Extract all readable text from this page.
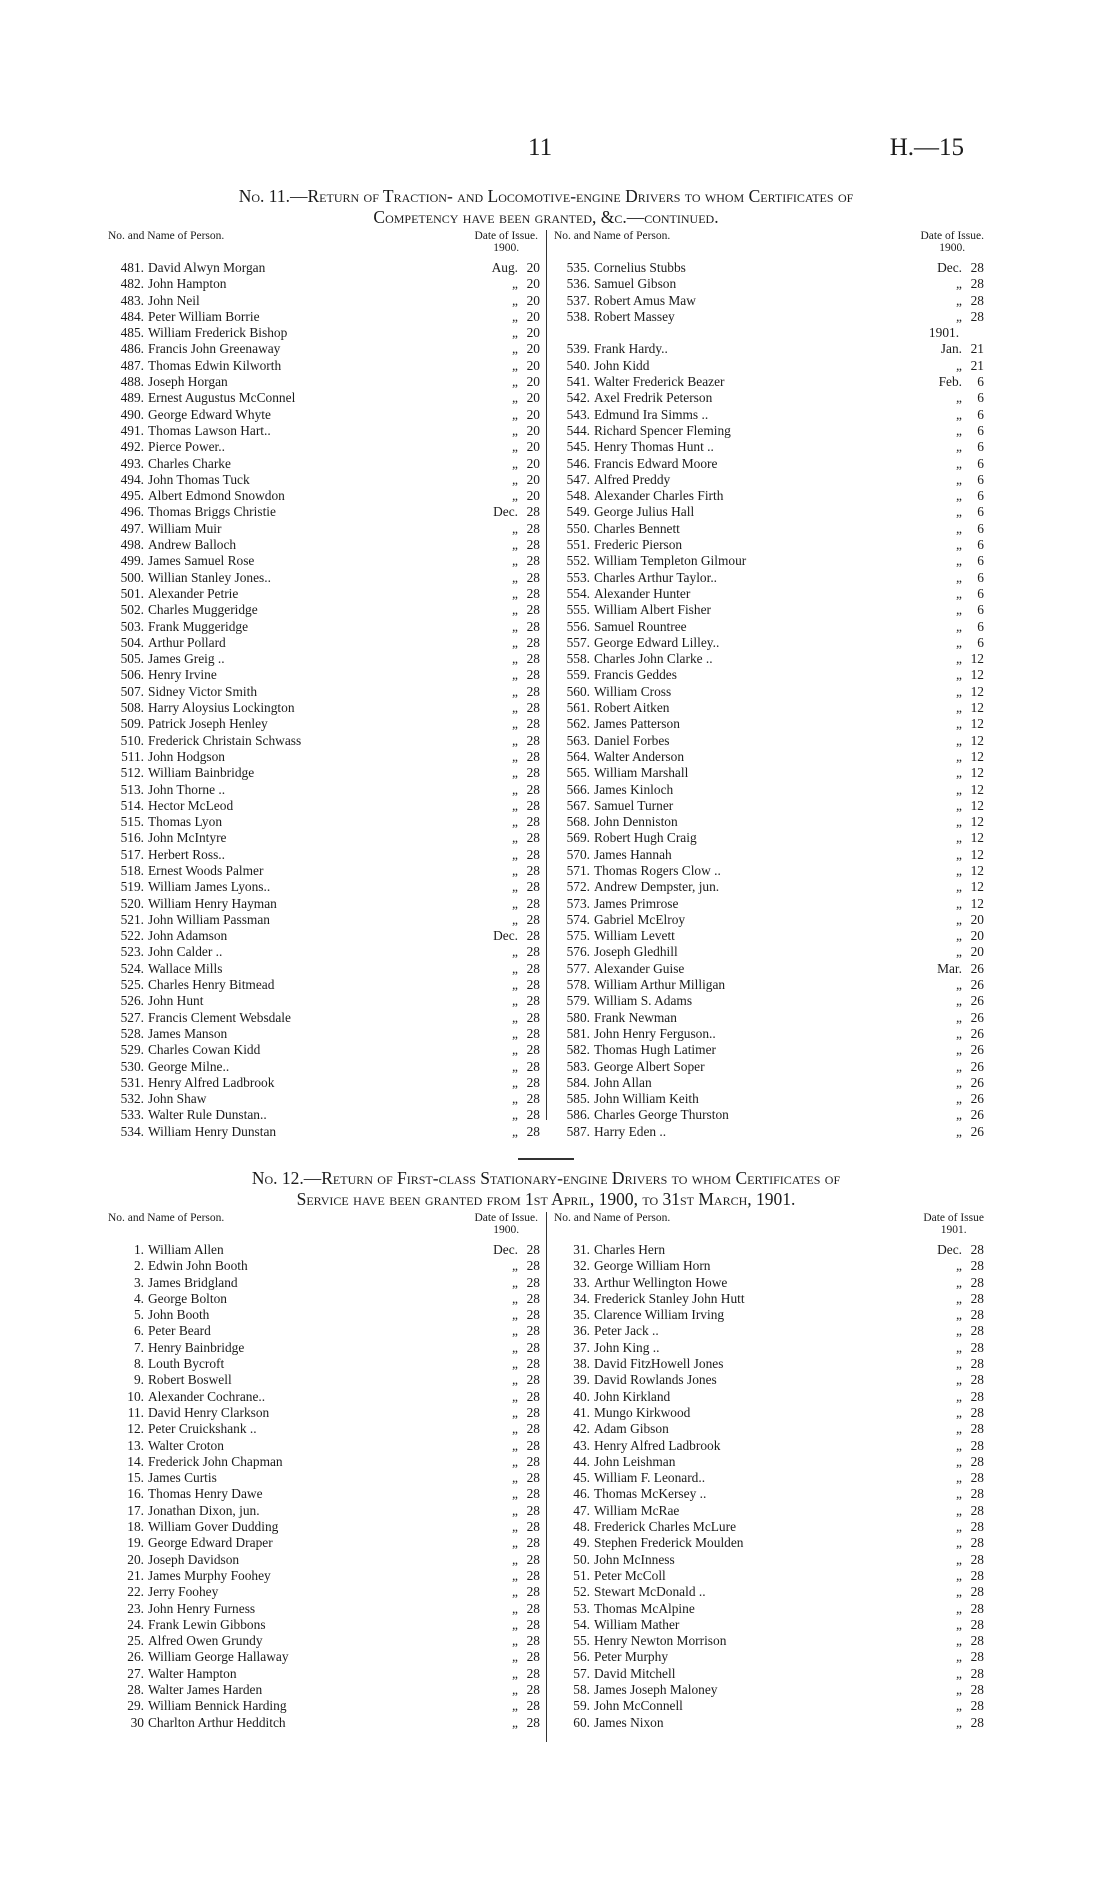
11	H.—15
No. 11.—Return of Traction- and Locomotive-engine Drivers to whom Certificates of
Competency have been granted, &c.—continued.
No. and Name of Person.	Date of Issue.
1900.
481. David Alwyn Morgan	Aug. 20
482. John Hampton	„ 20
483. John Neil	„ 20
484. Peter William Borrie	„ 20
485. William Frederick Bishop	„ 20
486. Francis John Greenaway	„ 20
487. Thomas Edwin Kilworth	„ 20
488. Joseph Horgan	„ 20
489. Ernest Augustus McConnel	„ 20
490. George Edward Whyte	„ 20
491. Thomas Lawson Hart..	„ 20
492. Pierce Power..	„ 20
493. Charles Charke	„ 20
494. John Thomas Tuck	„ 20
495. Albert Edmond Snowdon	„ 20
496. Thomas Briggs Christie	Dec. 28
497. William Muir	„ 28
498. Andrew Balloch	„ 28
499. James Samuel Rose	„ 28
500. Willian Stanley Jones..	„ 28
501. Alexander Petrie	„ 28
502. Charles Muggeridge	„ 28
503. Frank Muggeridge	„ 28
504. Arthur Pollard	„ 28
505. James Greig ..	„ 28
506. Henry Irvine	„ 28
507. Sidney Victor Smith	„ 28
508. Harry Aloysius Lockington	„ 28
509. Patrick Joseph Henley	„ 28
510. Frederick Christain Schwass	„ 28
511. John Hodgson	„ 28
512. William Bainbridge	„ 28
513. John Thorne ..	„ 28
514. Hector McLeod	„ 28
515. Thomas Lyon	„ 28
516. John McIntyre	„ 28
517. Herbert Ross..	„ 28
518. Ernest Woods Palmer	„ 28
519. William James Lyons..	„ 28
520. William Henry Hayman	„ 28
521. John William Passman	„ 28
522. John Adamson	Dec. 28
523. John Calder ..	„ 28
524. Wallace Mills	„ 28
525. Charles Henry Bitmead	„ 28
526. John Hunt	„ 28
527. Francis Clement Websdale	„ 28
528. James Manson	„ 28
529. Charles Cowan Kidd	„ 28
530. George Milne..	„ 28
531. Henry Alfred Ladbrook	„ 28
532. John Shaw	„ 28
533. Walter Rule Dunstan..	„ 28
534. William Henry Dunstan	„ 28
No. and Name of Person.	Date of Issue.
1900.
535. Cornelius Stubbs	Dec. 28
536. Samuel Gibson	„ 28
537. Robert Amus Maw	„ 28
538. Robert Massey	„ 28
1901.
539. Frank Hardy..	Jan. 21
540. John Kidd	„ 21
541. Walter Frederick Beazer	Feb.	6
542. Axel Fredrik Peterson	„	6
543. Edmund Ira Simms ..	„	6
544. Richard Spencer Fleming	„	6
545. Henry Thomas Hunt ..	„	6
546. Francis Edward Moore	„	6
547. Alfred Preddy	„	6
548. Alexander Charles Firth	„	6
549. George Julius Hall	„	6
550. Charles Bennett	„	6
551. Frederic Pierson	„	6
552. William Templeton Gilmour	„	6
553. Charles Arthur Taylor..	„	6
554. Alexander Hunter	„	6
555. William Albert Fisher	„	6
556. Samuel Rountree	„	6
557. George Edward Lilley..	„	6
558. Charles John Clarke ..	„ 12
559. Francis Geddes	„ 12
560. William Cross	„ 12
561. Robert Aitken	„ 12
562. James Patterson	„ 12
563. Daniel Forbes	„ 12
564. Walter Anderson	„ 12
565. William Marshall	„ 12
566. James Kinloch	„ 12
567. Samuel Turner	„ 12
568. John Denniston	„ 12
569. Robert Hugh Craig	„ 12
570. James Hannah	„ 12
571. Thomas Rogers Clow ..	„ 12
572. Andrew Dempster, jun.	„ 12
573. James Primrose	„ 12
574. Gabriel McElroy	„ 20
575. William Levett	„ 20
576. Joseph Gledhill	„ 20
577. Alexander Guise	Mar. 26
578. William Arthur Milligan	„ 26
579. William S. Adams	„ 26
580. Frank Newman	„ 26
581. John Henry Ferguson..	„ 26
582. Thomas Hugh Latimer	„ 26
583. George Albert Soper	„ 26
584. John Allan	„ 26
585. John William Keith	„ 26
586. Charles George Thurston	„ 26
587. Harry Eden ..	„ 26
No. 12.—Return of First-class Stationary-engine Drivers to whom Certificates of
Service have been granted from 1st April, 1900, to 31st March, 1901.
No. and Name of Person.	Date of Issue.
1900.
1. William Allen	Dec. 28
2. Edwin John Booth	„ 28
3. James Bridgland	„ 28
4. George Bolton	„ 28
5. John Booth	„ 28
6. Peter Beard	„ 28
7. Henry Bainbridge	„ 28
8. Louth Bycroft	„ 28
9. Robert Boswell	„ 28
10. Alexander Cochrane..	„ 28
11. David Henry Clarkson	„ 28
12. Peter Cruickshank ..	„ 28
13. Walter Croton	„ 28
14. Frederick John Chapman	„ 28
15. James Curtis	„ 28
16. Thomas Henry Dawe	„ 28
17. Jonathan Dixon, jun.	„ 28
18. William Gover Dudding	„ 28
19. George Edward Draper	„ 28
20. Joseph Davidson	„ 28
21. James Murphy Foohey	„ 28
22. Jerry Foohey	„ 28
23. John Henry Furness	„ 28
24. Frank Lewin Gibbons	„ 28
25. Alfred Owen Grundy	„ 28
26. William George Hallaway	„ 28
27. Walter Hampton	„ 28
28. Walter James Harden	„ 28
29. William Bennick Harding	„ 28
30 Charlton Arthur Hedditch	„ 28
No. and Name of Person.	Date of Issue
1901.
31. Charles Hern	Dec. 28
32. George William Horn	„ 28
33. Arthur Wellington Howe	„ 28
34. Frederick Stanley John Hutt	„ 28
35. Clarence William Irving	„ 28
36. Peter Jack ..	„ 28
37. John King ..	„ 28
38. David FitzHowell Jones	„ 28
39. David Rowlands Jones	„ 28
40. John Kirkland	„ 28
41. Mungo Kirkwood	„ 28
42. Adam Gibson	„ 28
43. Henry Alfred Ladbrook	„ 28
44. John Leishman	„ 28
45. William F. Leonard..	„ 28
46. Thomas McKersey ..	„ 28
47. William McRae	„ 28
48. Frederick Charles McLure	„ 28
49. Stephen Frederick Moulden	„ 28
50. John McInness	„ 28
51. Peter McColl	„ 28
52. Stewart McDonald ..	„ 28
53. Thomas McAlpine	„ 28
54. William Mather	„ 28
55. Henry Newton Morrison	„ 28
56. Peter Murphy	„ 28
57. David Mitchell	„ 28
58. James Joseph Maloney	„ 28
59. John McConnell	„ 28
60. James Nixon	„ 28
